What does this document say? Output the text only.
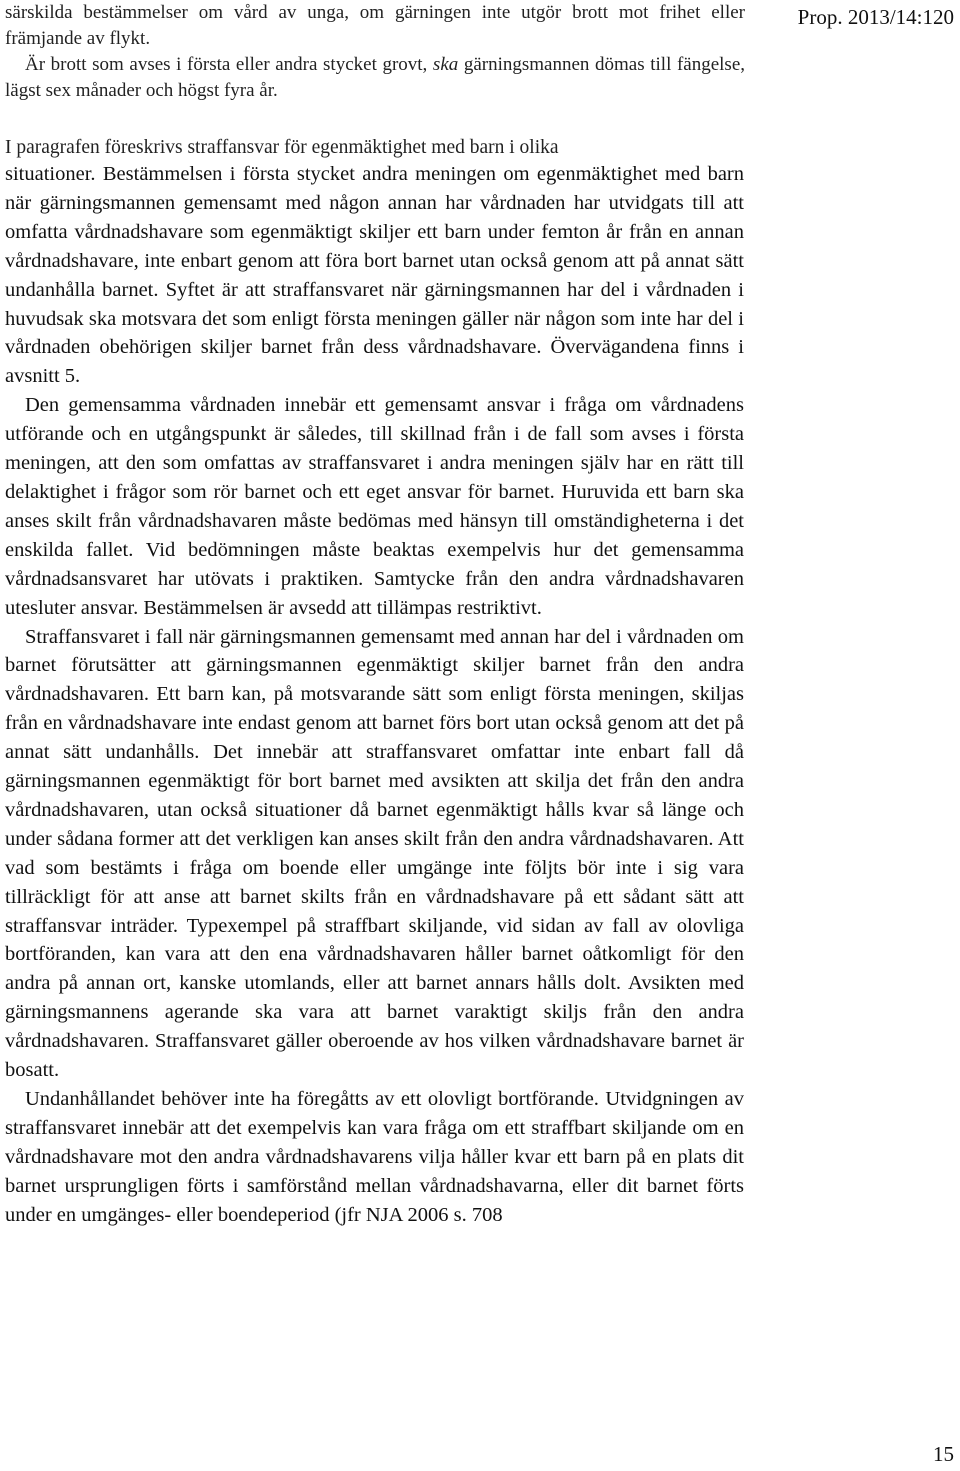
Prop. 2013/14:120

särskilda bestämmelser om vård av unga, om gärningen inte utgör brott mot frihet eller främjande av flykt.

Är brott som avses i första eller andra stycket grovt, ska gärningsmannen dömas till fängelse, lägst sex månader och högst fyra år.

I paragrafen föreskrivs straffansvar för egenmäktighet med barn i olika

situationer. Bestämmelsen i första stycket andra meningen om egenmäktighet med barn när gärningsmannen gemensamt med någon annan har vårdnaden har utvidgats till att omfatta vårdnadshavare som egenmäktigt skiljer ett barn under femton år från en annan vårdnadshavare, inte enbart genom att föra bort barnet utan också genom att på annat sätt undanhålla barnet. Syftet är att straffansvaret när gärningsmannen har del i vårdnaden i huvudsak ska motsvara det som enligt första meningen gäller när någon som inte har del i vårdnaden obehörigen skiljer barnet från dess vårdnadshavare. Övervägandena finns i avsnitt 5.

Den gemensamma vårdnaden innebär ett gemensamt ansvar i fråga om vårdnadens utförande och en utgångspunkt är således, till skillnad från i de fall som avses i första meningen, att den som omfattas av straffansvaret i andra meningen själv har en rätt till delaktighet i frågor som rör barnet och ett eget ansvar för barnet. Huruvida ett barn ska anses skilt från vårdnadshavaren måste bedömas med hänsyn till omständigheterna i det enskilda fallet. Vid bedömningen måste beaktas exempelvis hur det gemensamma vårdnadsansvaret har utövats i praktiken. Samtycke från den andra vårdnadshavaren utesluter ansvar. Bestämmelsen är avsedd att tillämpas restriktivt.

Straffansvaret i fall när gärningsmannen gemensamt med annan har del i vårdnaden om barnet förutsätter att gärningsmannen egenmäktigt skiljer barnet från den andra vårdnadshavaren. Ett barn kan, på motsvarande sätt som enligt första meningen, skiljas från en vårdnadshavare inte endast genom att barnet förs bort utan också genom att det på annat sätt undanhålls. Det innebär att straffansvaret omfattar inte enbart fall då gärningsmannen egenmäktigt för bort barnet med avsikten att skilja det från den andra vårdnadshavaren, utan också situationer då barnet egenmäktigt hålls kvar så länge och under sådana former att det verkligen kan anses skilt från den andra vårdnadshavaren. Att vad som bestämts i fråga om boende eller umgänge inte följts bör inte i sig vara tillräckligt för att anse att barnet skilts från en vårdnadshavare på ett sådant sätt att straffansvar inträder. Typexempel på straffbart skiljande, vid sidan av fall av olovliga bortföranden, kan vara att den ena vårdnadshavaren håller barnet oåtkomligt för den andra på annan ort, kanske utomlands, eller att barnet annars hålls dolt. Avsikten med gärningsmannens agerande ska vara att barnet varaktigt skiljs från den andra vårdnadshavaren. Straffansvaret gäller oberoende av hos vilken vårdnadshavare barnet är bosatt.

Undanhållandet behöver inte ha föregåtts av ett olovligt bortförande. Utvidgningen av straffansvaret innebär att det exempelvis kan vara fråga om ett straffbart skiljande om en vårdnadshavare mot den andra vårdnadshavarens vilja håller kvar ett barn på en plats dit barnet ursprungligen förts i samförstånd mellan vårdnadshavarna, eller dit barnet förts under en umgänges- eller boendeperiod (jfr NJA 2006 s. 708

15
